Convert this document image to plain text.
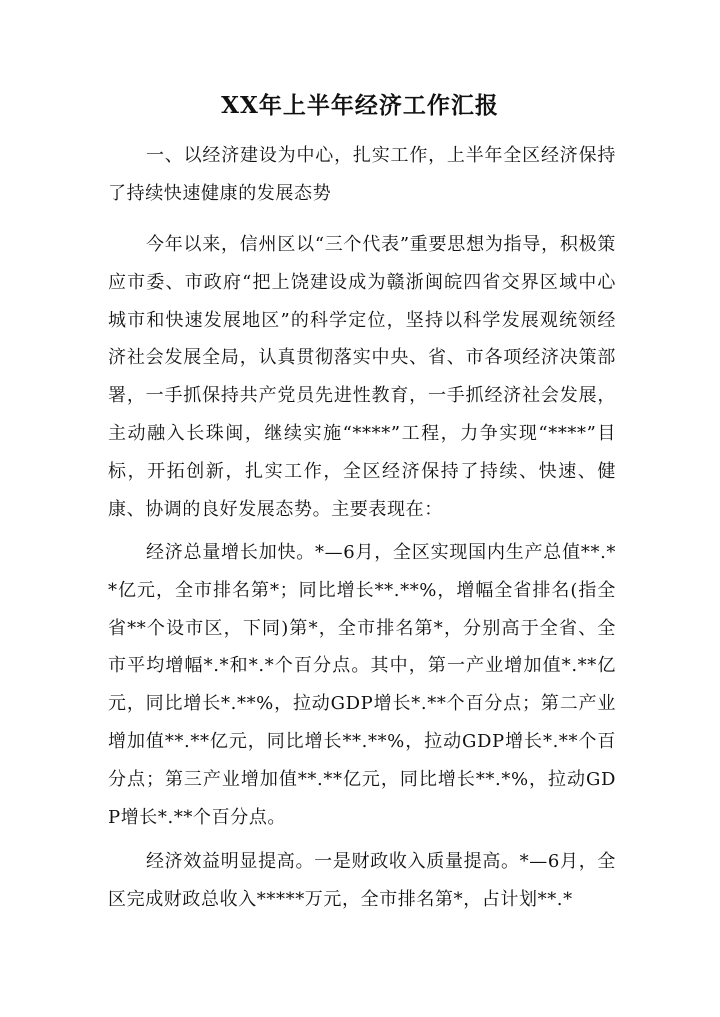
XX年上半年经济工作汇报

一、以经济建设为中心，扎实工作，上半年全区经济保持了持续快速健康的发展态势

今年以来，信州区以“三个代表”重要思想为指导，积极策应市委、市政府“把上饶建设成为赣浙闽皖四省交界区域中心城市和快速发展地区”的科学定位，坚持以科学发展观统领经济社会发展全局，认真贯彻落实中央、省、市各项经济决策部署，一手抓保持共产党员先进性教育，一手抓经济社会发展，主动融入长珠闽，继续实施“****”工程，力争实现“****”目标，开拓创新，扎实工作，全区经济保持了持续、快速、健康、协调的良好发展态势。主要表现在：

经济总量增长加快。*—6月，全区实现国内生产总值**.**亿元，全市排名第*；同比增长**.**%，增幅全省排名(指全省**个设市区，下同)第*，全市排名第*，分别高于全省、全市平均增幅*.*和*.*个百分点。其中，第一产业增加值*.**亿元，同比增长*.**%，拉动GDP增长*.**个百分点；第二产业增加值**.**亿元，同比增长**.**%，拉动GDP增长*.**个百分点；第三产业增加值**.**亿元，同比增长**.*%，拉动GDP增长*.**个百分点。

经济效益明显提高。一是财政收入质量提高。*—6月，全区完成财政总收入*****万元，全市排名第*，占计划**.*
